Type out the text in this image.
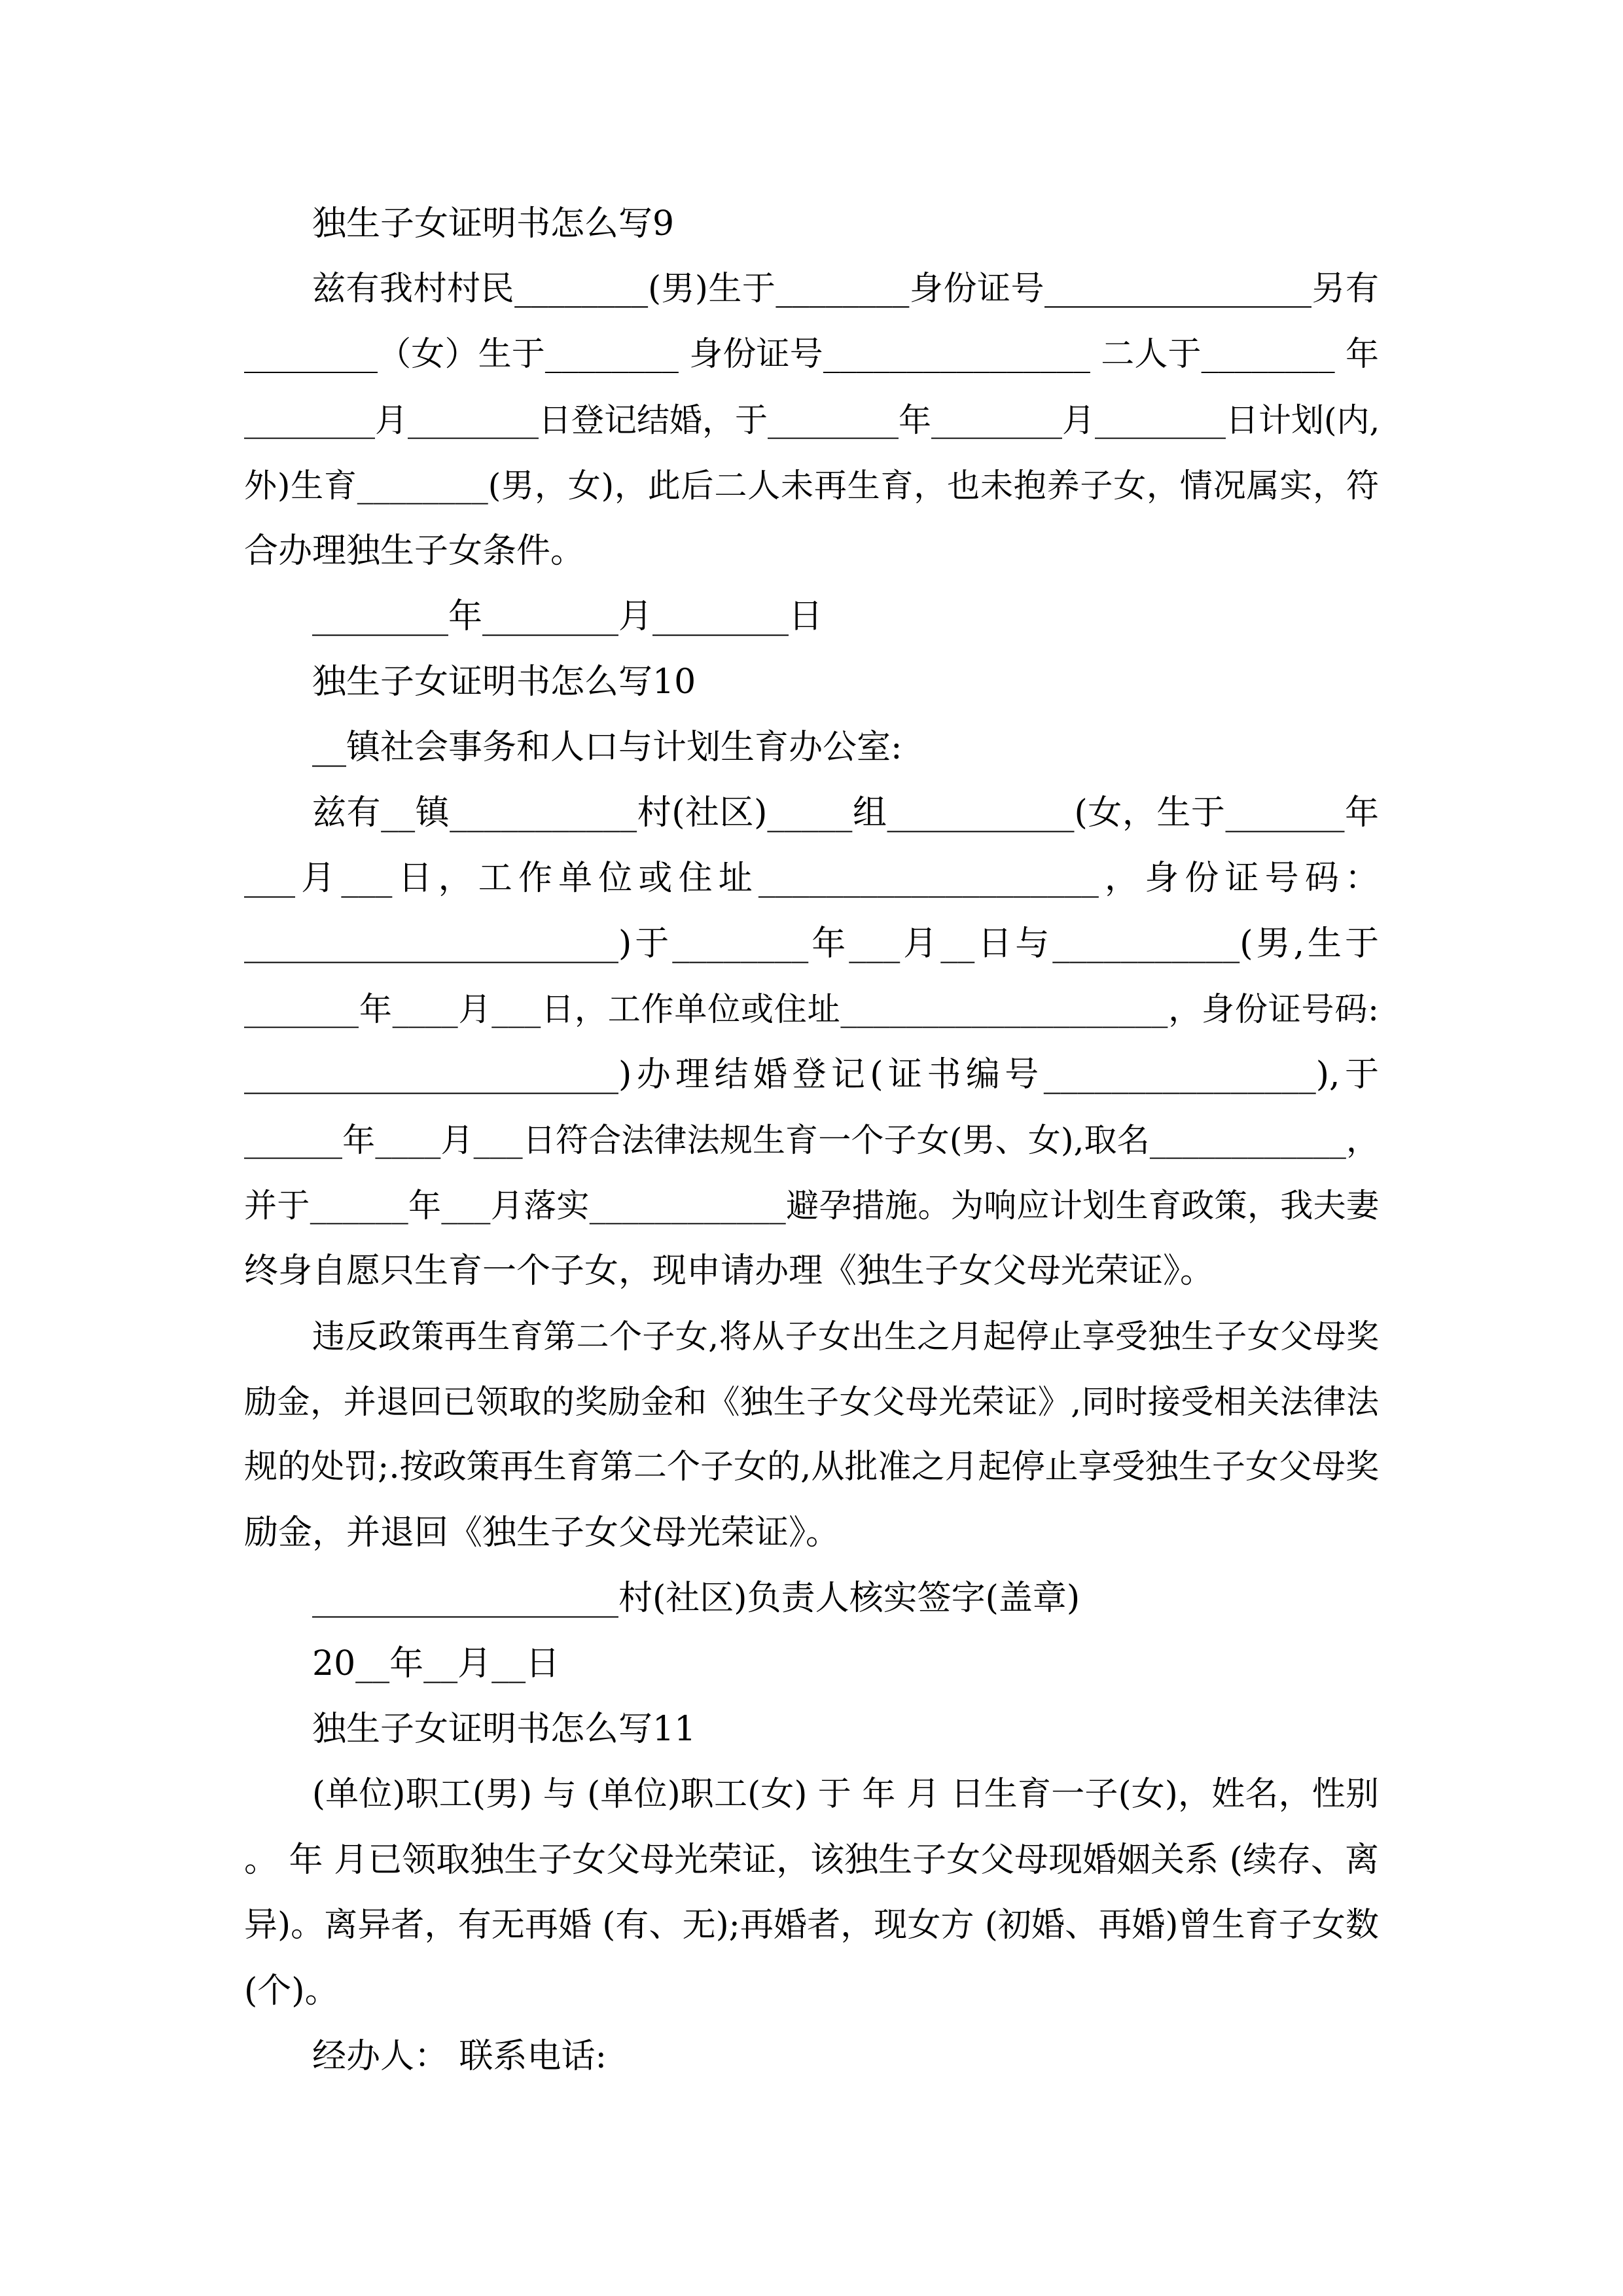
独生子女证明书怎么写9
兹有我村村民________(男)生于________身份证号________________另有
________（女）生于________ 身份证号________________ 二人于________ 年
________月________日登记结婚，于________年________月________日计划(内,
外)生育________(男，女)，此后二人未再生育，也未抱养子女，情况属实，符
合办理独生子女条件。
________年________月________日
独生子女证明书怎么写10
__镇社会事务和人口与计划生育办公室:
兹有__镇___________村(社区)_____组___________(女，生于_______年
___月___日，工作单位或住址____________________，身份证号码：
______________________)于________年___月__日与___________(男,生于
_______年____月___日，工作单位或住址____________________，身份证号码:
______________________)办理结婚登记(证书编号________________),于
______年____月___日符合法律法规生育一个子女(男、女),取名____________，
并于______年___月落实____________避孕措施。为响应计划生育政策，我夫妻
终身自愿只生育一个子女，现申请办理《独生子女父母光荣证》。
违反政策再生育第二个子女,将从子女出生之月起停止享受独生子女父母奖
励金，并退回已领取的奖励金和《独生子女父母光荣证》,同时接受相关法律法
规的处罚;.按政策再生育第二个子女的,从批准之月起停止享受独生子女父母奖
励金，并退回《独生子女父母光荣证》。
__________________村(社区)负责人核实签字(盖章)
20__年__月__日
独生子女证明书怎么写11
(单位)职工(男) 与 (单位)职工(女) 于 年 月 日生育一子(女)，姓名，性别
。 年 月已领取独生子女父母光荣证，该独生子女父母现婚姻关系 (续存、离
异)。离异者，有无再婚 (有、无);再婚者，现女方 (初婚、再婚)曾生育子女数
(个)。
经办人： 联系电话:
